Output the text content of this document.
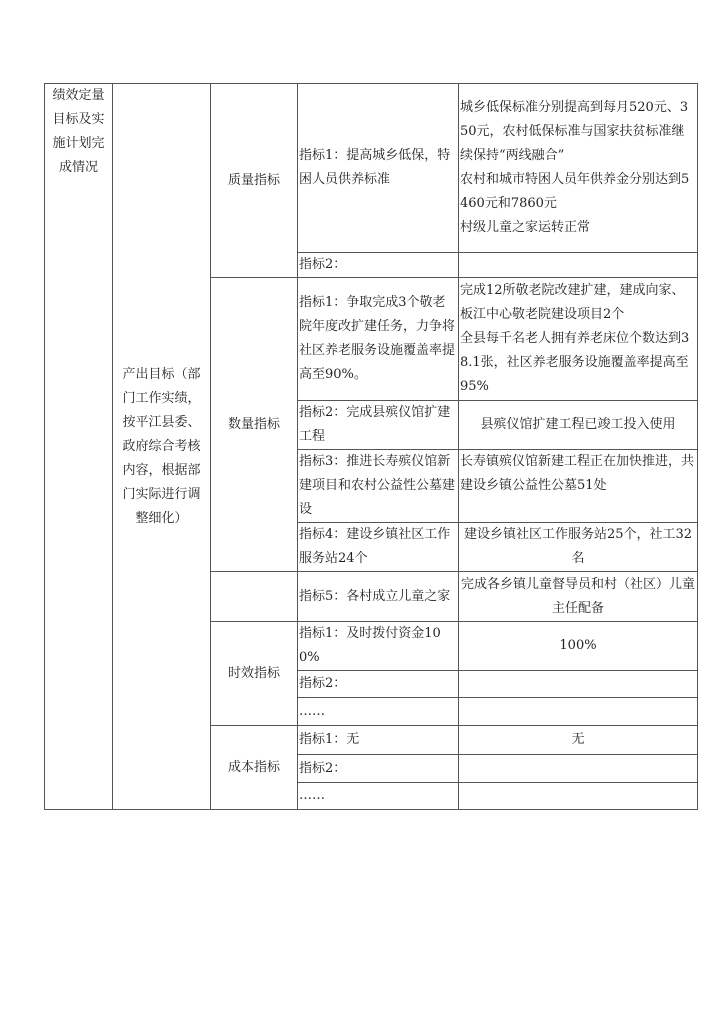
绩效定量目标及实施计划完成情况	产出目标（部门工作实绩，按平江县委、政府综合考核内容，根据部门实际进行调整细化）	质量指标	指标1：提高城乡低保，特困人员供养标准	城乡低保标准分别提高到每月520元、350元，农村低保标准与国家扶贫标准继续保持“两线融合”
农村和城市特困人员年供养金分别达到5460元和7860元
村级儿童之家运转正常

			指标2：	
		数量指标	指标1：争取完成3个敬老院年度改扩建任务，力争将社区养老服务设施覆盖率提高至90%。	完成12所敬老院改建扩建，建成向家、板江中心敬老院建设项目2个
全县每千名老人拥有养老床位个数达到38.1张，社区养老服务设施覆盖率提高至95%

			指标2：完成县殡仪馆扩建工程	县殡仪馆扩建工程已竣工投入使用
			指标3：推进长寿殡仪馆新建项目和农村公益性公墓建设	长寿镇殡仪馆新建工程正在加快推进，共建设乡镇公益性公墓51处
			指标4：建设乡镇社区工作服务站24个	建设乡镇社区工作服务站25个，社工32名
			指标5：各村成立儿童之家	完成各乡镇儿童督导员和村（社区）儿童主任配备
		时效指标	指标1：及时拨付资金100%	100%
			指标2：	
			……	
		成本指标	指标1：无	无
			指标2：	
			……	
